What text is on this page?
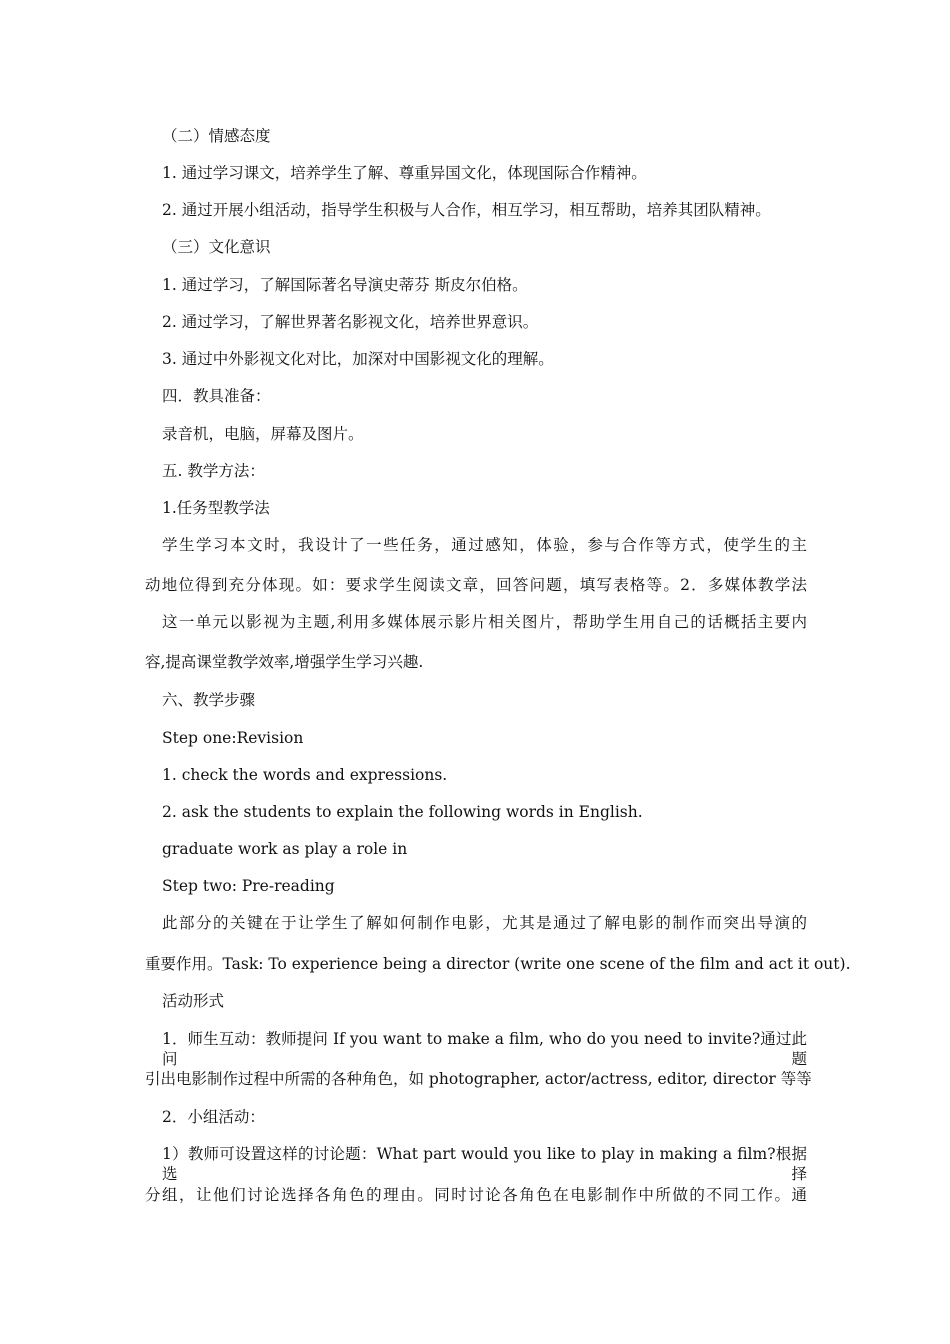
（二）情感态度
1. 通过学习课文，培养学生了解、尊重异国文化，体现国际合作精神。
2. 通过开展小组活动，指导学生积极与人合作，相互学习，相互帮助，培养其团队精神。
（三）文化意识
1. 通过学习，了解国际著名导演史蒂芬 斯皮尔伯格。
2. 通过学习，了解世界著名影视文化，培养世界意识。
3. 通过中外影视文化对比，加深对中国影视文化的理解。
四．教具准备：
录音机，电脑，屏幕及图片。
五. 教学方法：
1.任务型教学法
学生学习本文时，我设计了一些任务，通过感知，体验，参与合作等方式，使学生的主
动地位得到充分体现。如：要求学生阅读文章，回答问题，填写表格等。2．多媒体教学法
这一单元以影视为主题,利用多媒体展示影片相关图片，帮助学生用自己的话概括主要内
容,提高课堂教学效率,增强学生学习兴趣.
六、教学步骤
Step one:Revision
1. check the words and expressions.
2. ask the students to explain the following words in English.
graduate work as play a role in
Step two: Pre-reading
此部分的关键在于让学生了解如何制作电影，尤其是通过了解电影的制作而突出导演的
重要作用。Task: To experience being a director (write one scene of the film and act it out).
活动形式
1．师生互动：教师提问 If you want to make a film, who do you need to invite?通过此问题
引出电影制作过程中所需的各种角色，如 photographer, actor/actress, editor, director 等等
2．小组活动：
1）教师可设置这样的讨论题：What part would you like to play in making a film?根据选择
分组，让他们讨论选择各角色的理由。同时讨论各角色在电影制作中所做的不同工作。通
